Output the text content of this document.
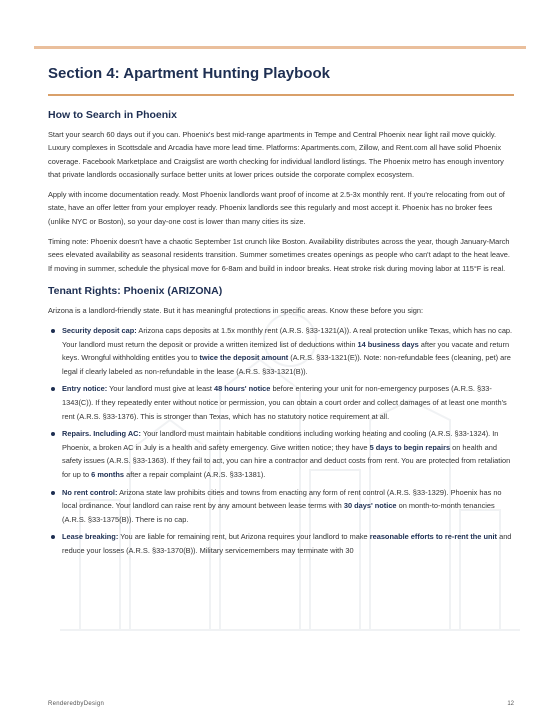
Section 4: Apartment Hunting Playbook
How to Search in Phoenix

Start your search 60 days out if you can. Phoenix's best mid-range apartments in Tempe and Central Phoenix near light rail move quickly. Luxury complexes in Scottsdale and Arcadia have more lead time. Platforms: Apartments.com, Zillow, and Rent.com all have solid Phoenix coverage. Facebook Marketplace and Craigslist are worth checking for individual landlord listings. The Phoenix metro has enough inventory that private landlords occasionally surface better units at lower prices outside the corporate complex ecosystem.

Apply with income documentation ready. Most Phoenix landlords want proof of income at 2.5-3x monthly rent. If you're relocating from out of state, have an offer letter from your employer ready. Phoenix landlords see this regularly and most accept it. Phoenix has no broker fees (unlike NYC or Boston), so your day-one cost is lower than many cities its size.

Timing note: Phoenix doesn't have a chaotic September 1st crunch like Boston. Availability distributes across the year, though January-March sees elevated availability as seasonal residents transition. Summer sometimes creates openings as people who can't adapt to the heat leave. If moving in summer, schedule the physical move for 6-8am and build in indoor breaks. Heat stroke risk during moving labor at 115°F is real.

Tenant Rights: Phoenix (ARIZONA)

Arizona is a landlord-friendly state. But it has meaningful protections in specific areas. Know these before you sign:

Security deposit cap: Arizona caps deposits at 1.5x monthly rent (A.R.S. §33-1321(A)). A real protection unlike Texas, which has no cap. Your landlord must return the deposit or provide a written itemized list of deductions within 14 business days after you vacate and return keys. Wrongful withholding entitles you to twice the deposit amount (A.R.S. §33-1321(E)). Note: non-refundable fees (cleaning, pet) are legal if clearly labeled as non-refundable in the lease (A.R.S. §33-1321(B)).
Entry notice: Your landlord must give at least 48 hours' notice before entering your unit for non-emergency purposes (A.R.S. §33-1343(C)). If they repeatedly enter without notice or permission, you can obtain a court order and collect damages of at least one month's rent (A.R.S. §33-1376). This is stronger than Texas, which has no statutory notice requirement at all.
Repairs. Including AC: Your landlord must maintain habitable conditions including working heating and cooling (A.R.S. §33-1324). In Phoenix, a broken AC in July is a health and safety emergency. Give written notice; they have 5 days to begin repairs on health and safety issues (A.R.S. §33-1363). If they fail to act, you can hire a contractor and deduct costs from rent. You are protected from retaliation for up to 6 months after a repair complaint (A.R.S. §33-1381).
No rent control: Arizona state law prohibits cities and towns from enacting any form of rent control (A.R.S. §33-1329). Phoenix has no local ordinance. Your landlord can raise rent by any amount between lease terms with 30 days' notice on month-to-month tenancies (A.R.S. §33-1375(B)). There is no cap.
Lease breaking: You are liable for remaining rent, but Arizona requires your landlord to make reasonable efforts to re-rent the unit and reduce your losses (A.R.S. §33-1370(B)). Military servicemembers may terminate with 30
RenderedbyDesign	12
